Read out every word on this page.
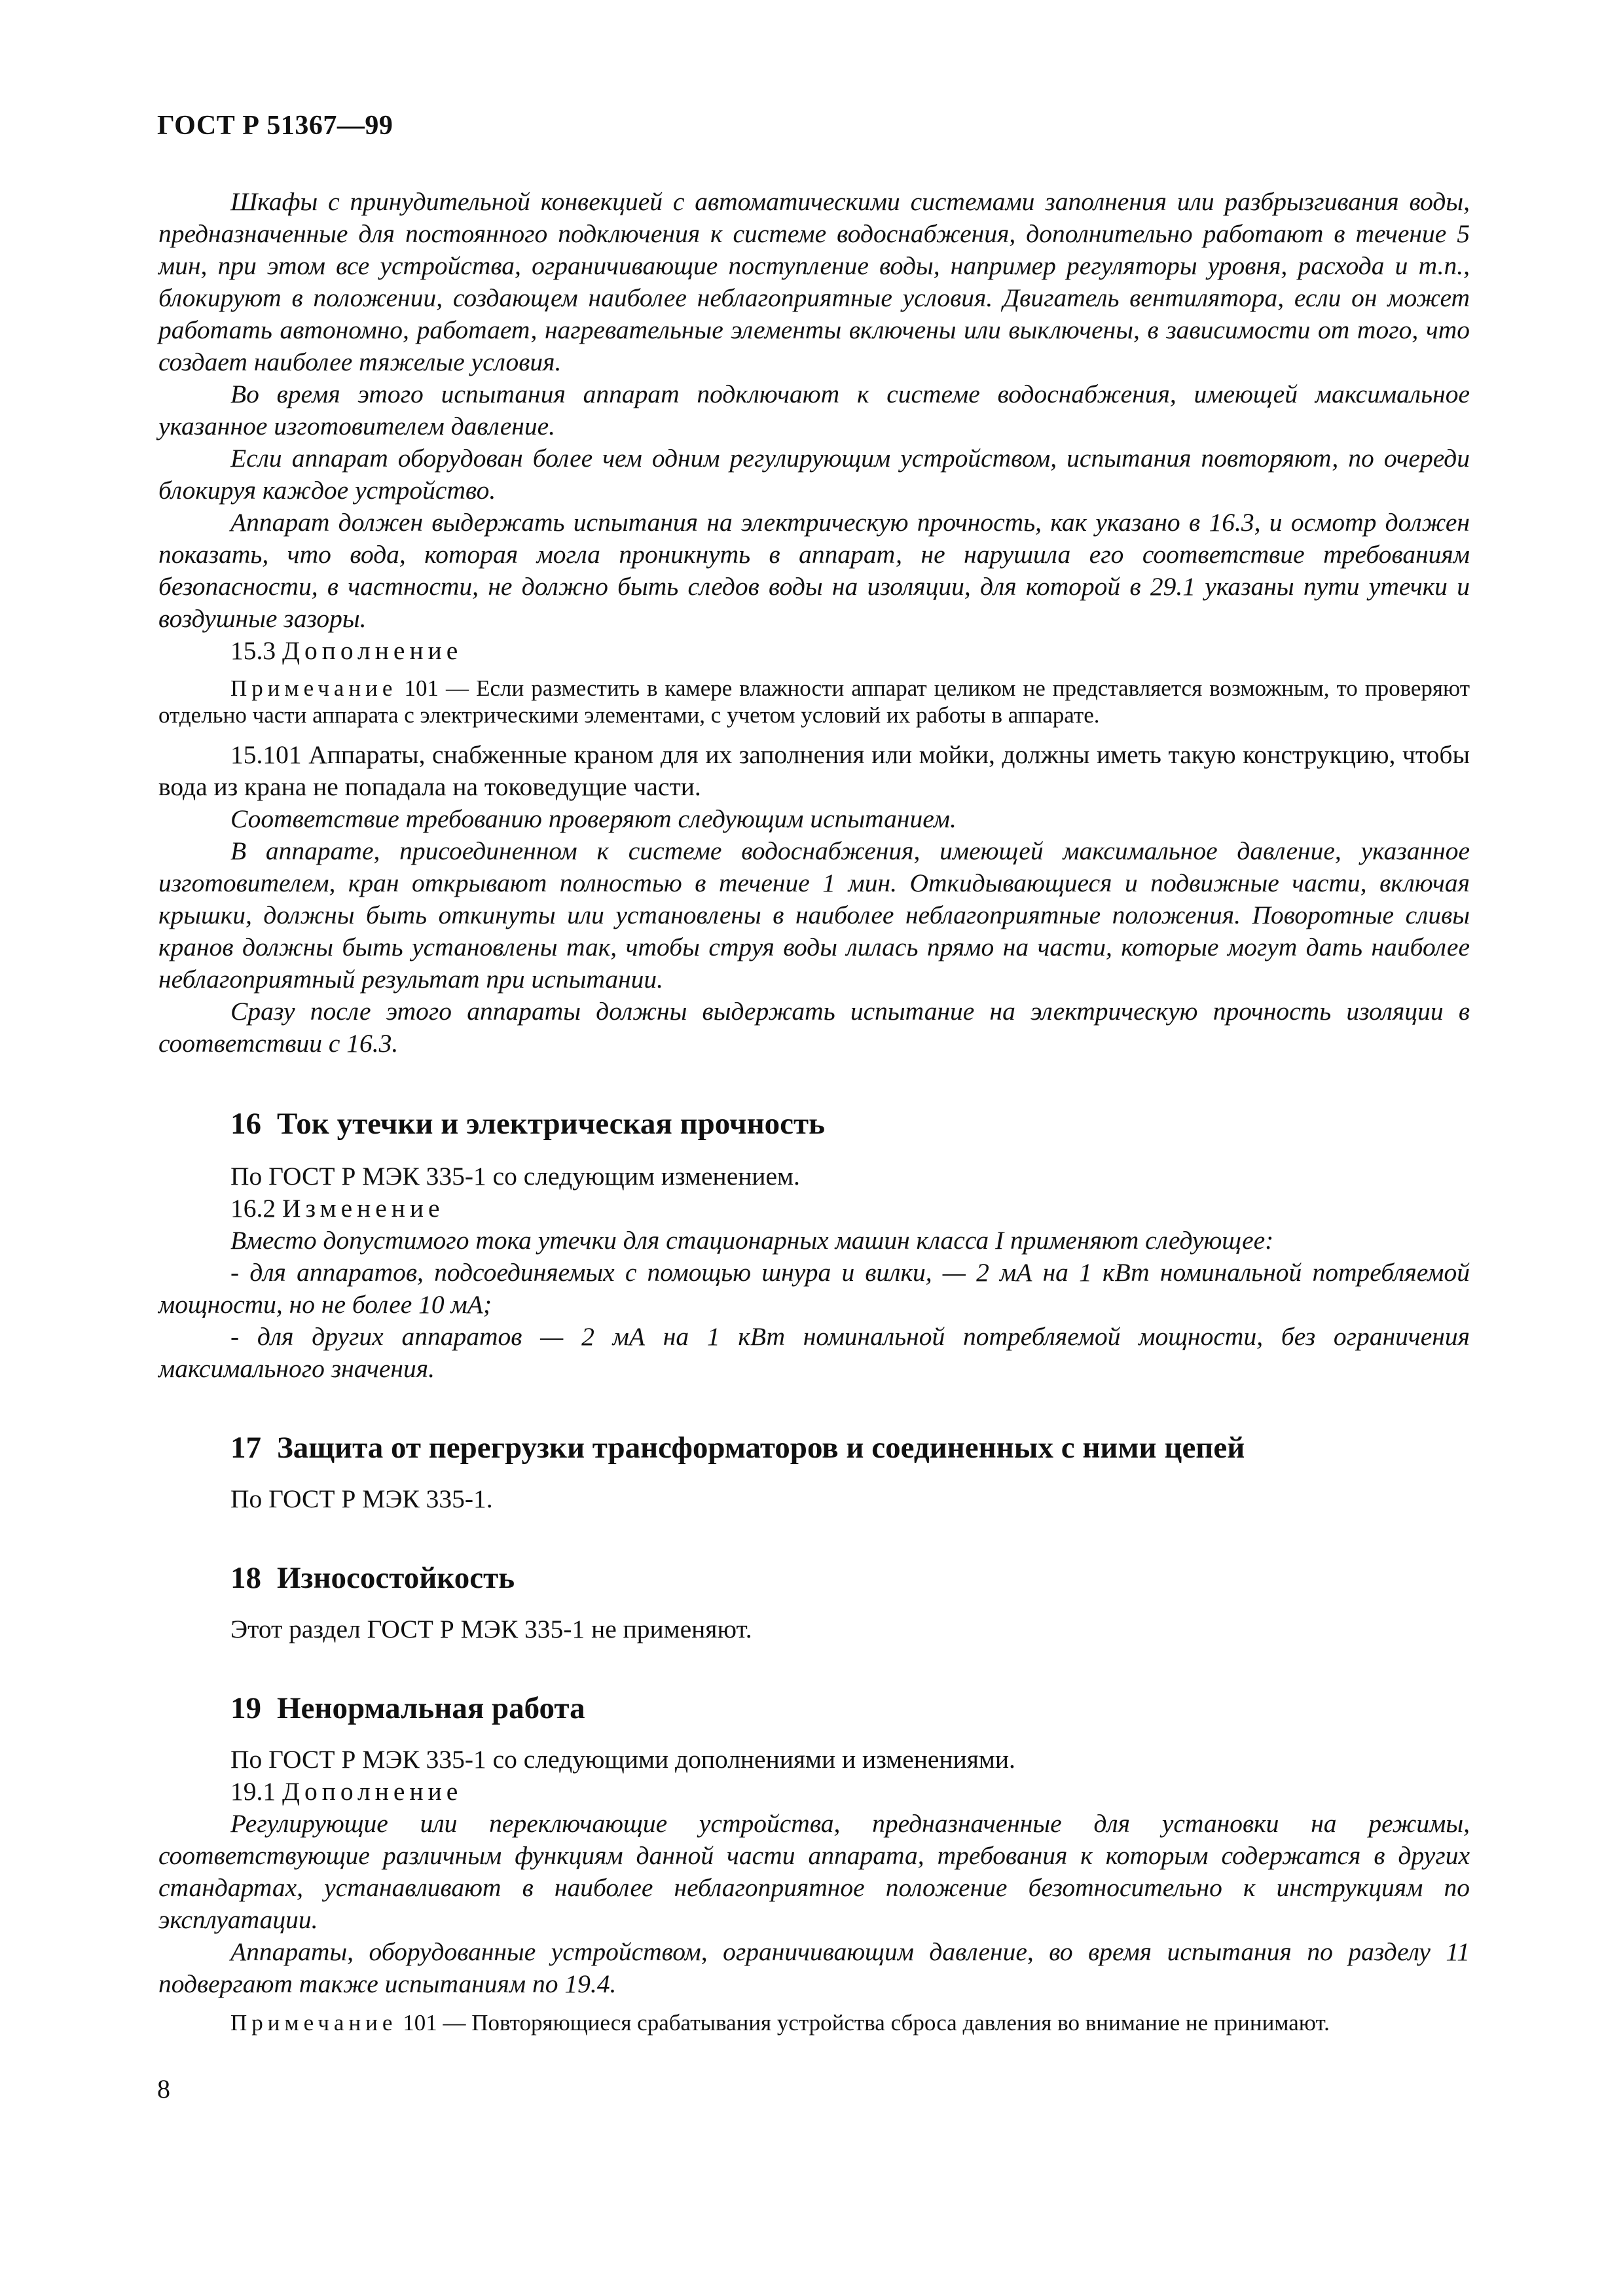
ГОСТ Р 51367—99

Шкафы с принудительной конвекцией с автоматическими системами заполнения или разбрызгивания воды, предназначенные для постоянного подключения к системе водоснабжения, дополнительно работают в течение 5 мин, при этом все устройства, ограничивающие поступление воды, например регуляторы уровня, расхода и т.п., блокируют в положении, создающем наиболее неблагоприятные условия. Двигатель вентилятора, если он может работать автономно, работает, нагревательные элементы включены или выключены, в зависимости от того, что создает наиболее тяжелые условия.

Во время этого испытания аппарат подключают к системе водоснабжения, имеющей максимальное указанное изготовителем давление.

Если аппарат оборудован более чем одним регулирующим устройством, испытания повторяют, по очереди блокируя каждое устройство.

Аппарат должен выдержать испытания на электрическую прочность, как указано в 16.3, и осмотр должен показать, что вода, которая могла проникнуть в аппарат, не нарушила его соответствие требованиям безопасности, в частности, не должно быть следов воды на изоляции, для которой в 29.1 указаны пути утечки и воздушные зазоры.

15.3 Дополнение

Примечание 101 — Если разместить в камере влажности аппарат целиком не представляется возможным, то проверяют отдельно части аппарата с электрическими элементами, с учетом условий их работы в аппарате.

15.101 Аппараты, снабженные краном для их заполнения или мойки, должны иметь такую конструкцию, чтобы вода из крана не попадала на токоведущие части.

Соответствие требованию проверяют следующим испытанием.

В аппарате, присоединенном к системе водоснабжения, имеющей максимальное давление, указанное изготовителем, кран открывают полностью в течение 1 мин. Откидывающиеся и подвижные части, включая крышки, должны быть откинуты или установлены в наиболее неблагоприятные положения. Поворотные сливы кранов должны быть установлены так, чтобы струя воды лилась прямо на части, которые могут дать наиболее неблагоприятный результат при испытании.

Сразу после этого аппараты должны выдержать испытание на электрическую прочность изоляции в соответствии с 16.3.

16 Ток утечки и электрическая прочность

По ГОСТ Р МЭК 335-1 со следующим изменением.

16.2 Изменение

Вместо допустимого тока утечки для стационарных машин класса I применяют следующее:

- для аппаратов, подсоединяемых с помощью шнура и вилки, — 2 мА на 1 кВт номинальной потребляемой мощности, но не более 10 мА;

- для других аппаратов — 2 мА на 1 кВт номинальной потребляемой мощности, без ограничения максимального значения.

17 Защита от перегрузки трансформаторов и соединенных с ними цепей

По ГОСТ Р МЭК 335-1.

18 Износостойкость

Этот раздел ГОСТ Р МЭК 335-1 не применяют.

19 Ненормальная работа

По ГОСТ Р МЭК 335-1 со следующими дополнениями и изменениями.

19.1 Дополнение

Регулирующие или переключающие устройства, предназначенные для установки на режимы, соответствующие различным функциям данной части аппарата, требования к которым содержатся в других стандартах, устанавливают в наиболее неблагоприятное положение безотносительно к инструкциям по эксплуатации.

Аппараты, оборудованные устройством, ограничивающим давление, во время испытания по разделу 11 подвергают также испытаниям по 19.4.

Примечание 101 — Повторяющиеся срабатывания устройства сброса давления во внимание не принимают.

8
